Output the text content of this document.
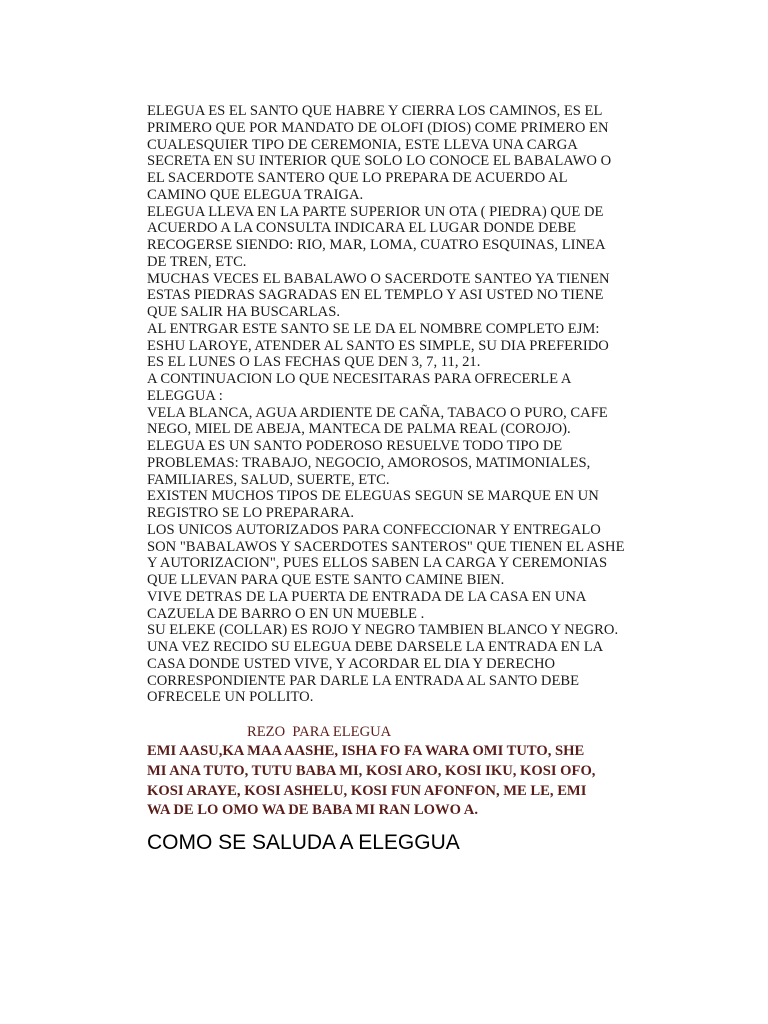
ELEGUA ES EL SANTO QUE HABRE Y CIERRA LOS CAMINOS, ES EL
PRIMERO QUE POR MANDATO DE OLOFI (DIOS) COME PRIMERO EN
CUALESQUIER TIPO DE CEREMONIA, ESTE LLEVA UNA CARGA
SECRETA EN SU INTERIOR QUE SOLO LO CONOCE EL BABALAWO O
EL SACERDOTE SANTERO QUE LO PREPARA DE ACUERDO AL
CAMINO QUE ELEGUA TRAIGA.
ELEGUA LLEVA EN LA PARTE SUPERIOR UN OTA ( PIEDRA) QUE DE
ACUERDO A LA CONSULTA INDICARA EL LUGAR DONDE DEBE
RECOGERSE SIENDO: RIO, MAR, LOMA, CUATRO ESQUINAS, LINEA
DE TREN, ETC.
MUCHAS VECES EL BABALAWO O SACERDOTE SANTEO YA TIENEN
ESTAS PIEDRAS SAGRADAS EN EL TEMPLO Y ASI USTED NO TIENE
QUE SALIR HA BUSCARLAS.
AL ENTRGAR ESTE SANTO SE LE DA EL NOMBRE COMPLETO EJM:
ESHU LAROYE, ATENDER AL SANTO ES SIMPLE, SU DIA PREFERIDO
ES EL LUNES O LAS FECHAS QUE DEN 3, 7, 11, 21.
A CONTINUACION LO QUE NECESITARAS PARA OFRECERLE A
ELEGGUA :
VELA BLANCA, AGUA ARDIENTE DE CAÑA, TABACO O PURO, CAFE
NEGO, MIEL DE ABEJA, MANTECA DE PALMA REAL (COROJO).
ELEGUA ES UN SANTO PODEROSO RESUELVE TODO TIPO DE
PROBLEMAS: TRABAJO, NEGOCIO, AMOROSOS, MATIMONIALES,
FAMILIARES, SALUD, SUERTE, ETC.
EXISTEN MUCHOS TIPOS DE ELEGUAS SEGUN SE MARQUE EN UN
REGISTRO SE LO PREPARARA.
LOS UNICOS AUTORIZADOS PARA CONFECCIONAR Y ENTREGALO
SON "BABALAWOS Y SACERDOTES SANTEROS" QUE TIENEN EL ASHE
Y AUTORIZACION", PUES ELLOS SABEN LA CARGA Y CEREMONIAS
QUE LLEVAN PARA QUE ESTE SANTO CAMINE BIEN.
VIVE DETRAS DE LA PUERTA DE ENTRADA DE LA CASA EN UNA
CAZUELA DE BARRO O EN UN MUEBLE .
SU ELEKE (COLLAR) ES ROJO Y NEGRO TAMBIEN BLANCO Y NEGRO.
UNA VEZ RECIDO SU ELEGUA DEBE DARSELE LA ENTRADA EN LA
CASA DONDE USTED VIVE, Y ACORDAR EL DIA Y DERECHO
CORRESPONDIENTE PAR DARLE LA ENTRADA AL SANTO DEBE
OFRECELE UN POLLITO.
REZO  PARA ELEGUA
EMI AASU,KA MAA AASHE, ISHA FO FA WARA OMI TUTO, SHE
MI ANA TUTO, TUTU BABA MI, KOSI ARO, KOSI IKU, KOSI OFO,
KOSI ARAYE, KOSI ASHELU, KOSI FUN AFONFON, ME LE, EMI
WA DE LO OMO WA DE BABA MI RAN LOWO A.
COMO SE SALUDA A ELEGGUA
